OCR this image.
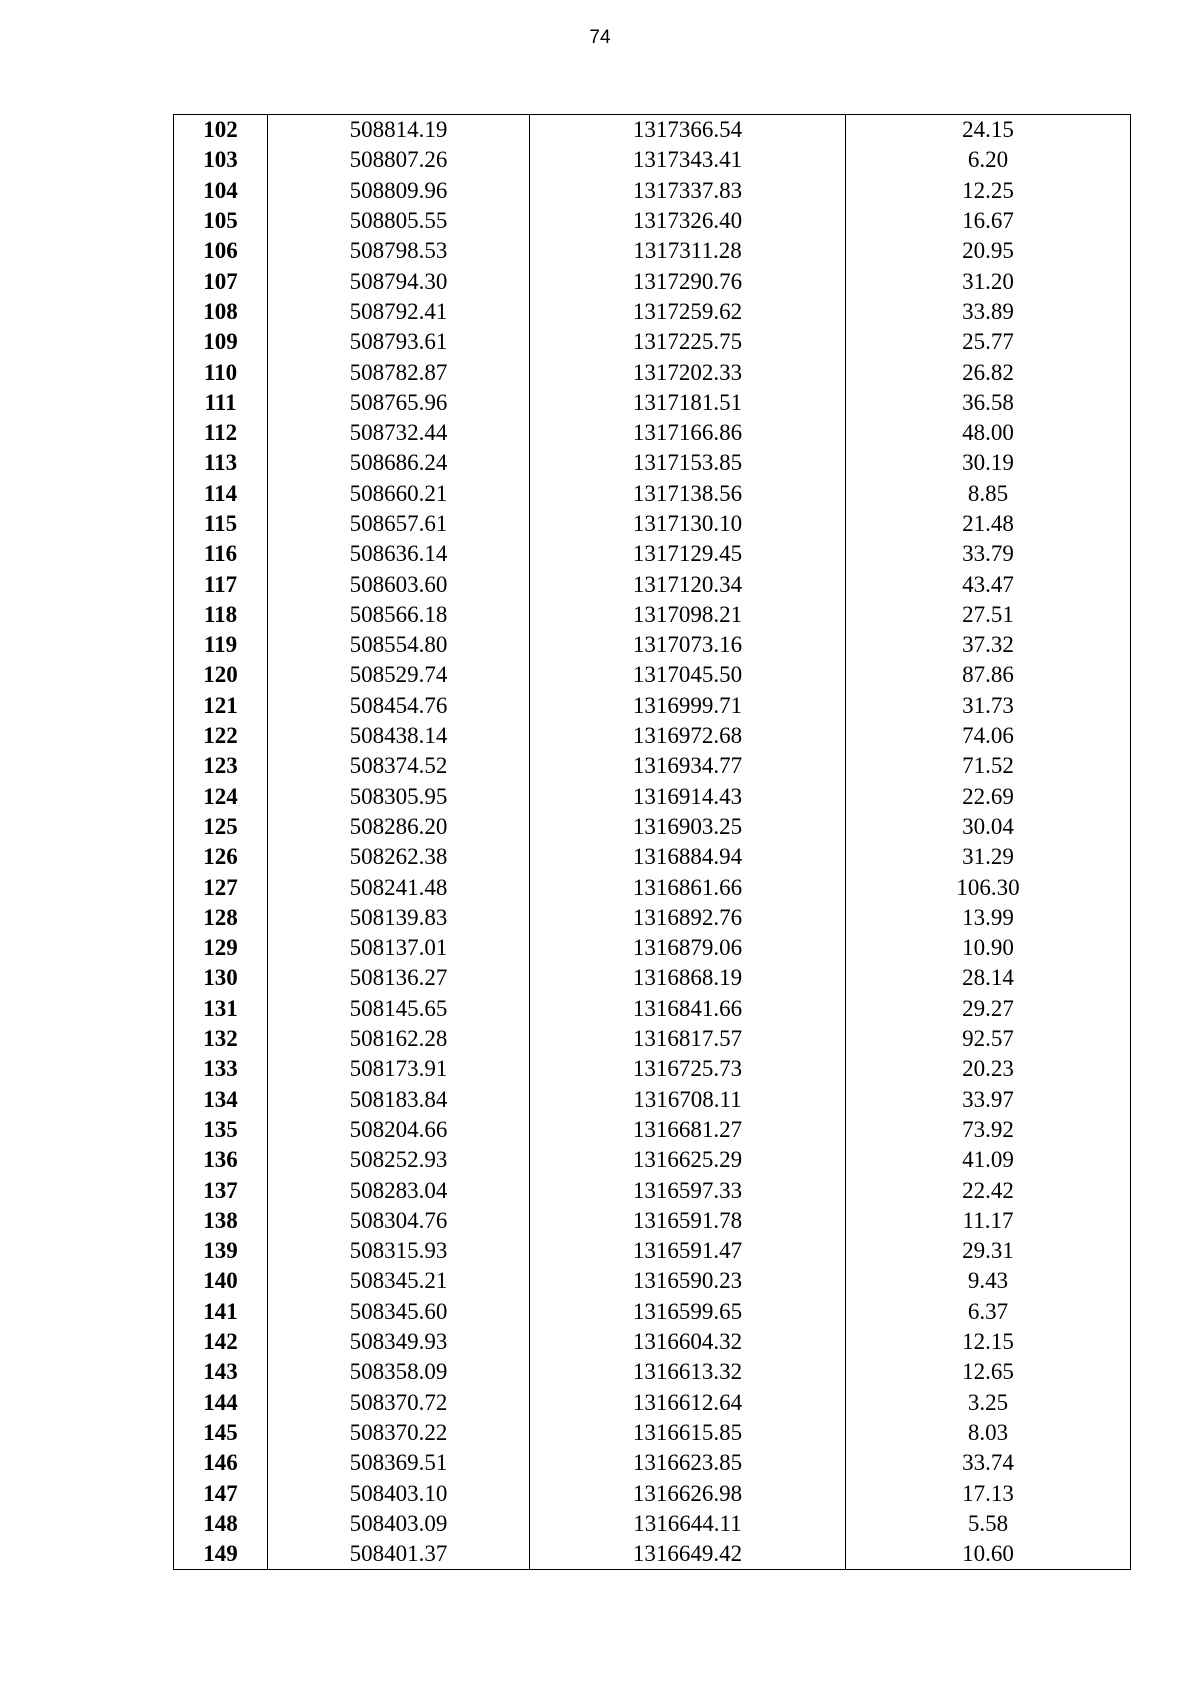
74
102	508814.19	1317366.54	24.15
103	508807.26	1317343.41	6.20
104	508809.96	1317337.83	12.25
105	508805.55	1317326.40	16.67
106	508798.53	1317311.28	20.95
107	508794.30	1317290.76	31.20
108	508792.41	1317259.62	33.89
109	508793.61	1317225.75	25.77
110	508782.87	1317202.33	26.82
111	508765.96	1317181.51	36.58
112	508732.44	1317166.86	48.00
113	508686.24	1317153.85	30.19
114	508660.21	1317138.56	8.85
115	508657.61	1317130.10	21.48
116	508636.14	1317129.45	33.79
117	508603.60	1317120.34	43.47
118	508566.18	1317098.21	27.51
119	508554.80	1317073.16	37.32
120	508529.74	1317045.50	87.86
121	508454.76	1316999.71	31.73
122	508438.14	1316972.68	74.06
123	508374.52	1316934.77	71.52
124	508305.95	1316914.43	22.69
125	508286.20	1316903.25	30.04
126	508262.38	1316884.94	31.29
127	508241.48	1316861.66	106.30
128	508139.83	1316892.76	13.99
129	508137.01	1316879.06	10.90
130	508136.27	1316868.19	28.14
131	508145.65	1316841.66	29.27
132	508162.28	1316817.57	92.57
133	508173.91	1316725.73	20.23
134	508183.84	1316708.11	33.97
135	508204.66	1316681.27	73.92
136	508252.93	1316625.29	41.09
137	508283.04	1316597.33	22.42
138	508304.76	1316591.78	11.17
139	508315.93	1316591.47	29.31
140	508345.21	1316590.23	9.43
141	508345.60	1316599.65	6.37
142	508349.93	1316604.32	12.15
143	508358.09	1316613.32	12.65
144	508370.72	1316612.64	3.25
145	508370.22	1316615.85	8.03
146	508369.51	1316623.85	33.74
147	508403.10	1316626.98	17.13
148	508403.09	1316644.11	5.58
149	508401.37	1316649.42	10.60
